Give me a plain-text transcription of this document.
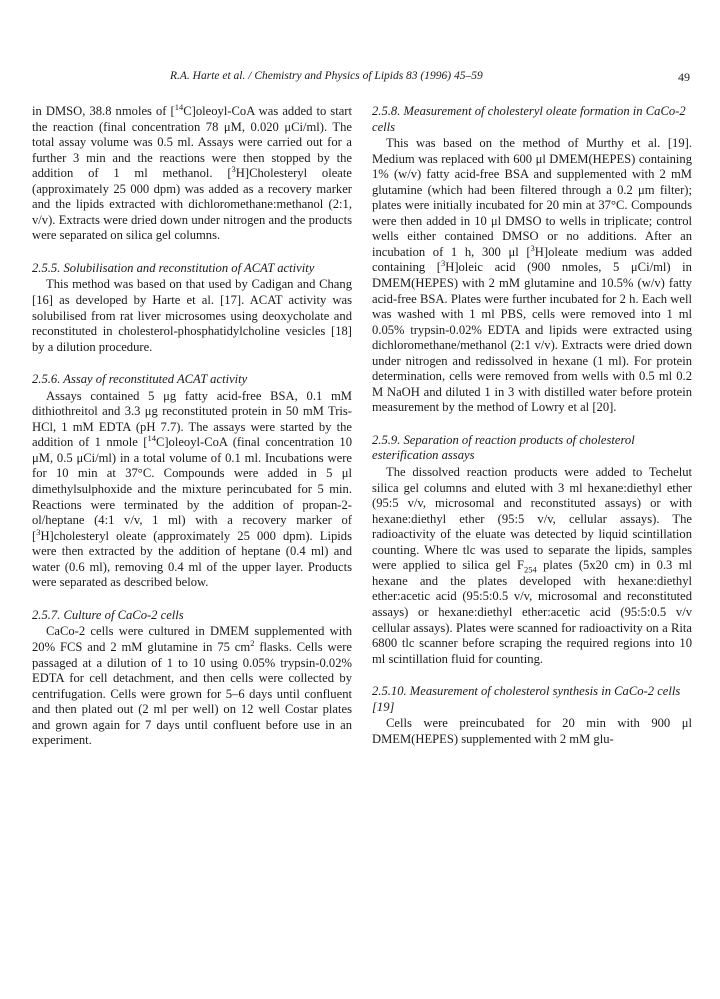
R.A. Harte et al. / Chemistry and Physics of Lipids 83 (1996) 45–59	49

in DMSO, 38.8 nmoles of [$^{14}$C]oleoyl-CoA was added to start the reaction (final concentration 78 μM, 0.020 μCi/ml). The total assay volume was 0.5 ml. Assays were carried out for a further 3 min and the reactions were then stopped by the addition of 1 ml methanol. [$^3$H]Cholesteryl oleate (approximately 25 000 dpm) was added as a recovery marker and the lipids extracted with dichloromethane:methanol (2:1, v/v). Extracts were dried down under nitrogen and the products were separated on silica gel columns.

2.5.5. Solubilisation and reconstitution of ACAT activity

This method was based on that used by Cadigan and Chang [16] as developed by Harte et al. [17]. ACAT activity was solubilised from rat liver microsomes using deoxycholate and reconstituted in cholesterol-phosphatidylcholine vesicles [18] by a dilution procedure.

2.5.6. Assay of reconstituted ACAT activity

Assays contained 5 μg fatty acid-free BSA, 0.1 mM dithiothreitol and 3.3 μg reconstituted protein in 50 mM Tris-HCl, 1 mM EDTA (pH 7.7). The assays were started by the addition of 1 nmole [$^{14}$C]oleoyl-CoA (final concentration 10 μM, 0.5 μCi/ml) in a total volume of 0.1 ml. Incubations were for 10 min at 37°C. Compounds were added in 5 μl dimethylsulphoxide and the mixture perincubated for 5 min. Reactions were terminated by the addition of propan-2-ol/heptane (4:1 v/v, 1 ml) with a recovery marker of [$^3$H]cholesteryl oleate (approximately 25 000 dpm). Lipids were then extracted by the addition of heptane (0.4 ml) and water (0.6 ml), removing 0.4 ml of the upper layer. Products were separated as described below.

2.5.7. Culture of CaCo-2 cells

CaCo-2 cells were cultured in DMEM supplemented with 20% FCS and 2 mM glutamine in 75 $cm^2$ flasks. Cells were passaged at a dilution of 1 to 10 using 0.05% trypsin-0.02% EDTA for cell detachment, and then cells were collected by centrifugation. Cells were grown for 5–6 days until confluent and then plated out (2 ml per well) on 12 well Costar plates and grown again for 7 days until confluent before use in an experiment.

2.5.8. Measurement of cholesteryl oleate formation in CaCo-2 cells

This was based on the method of Murthy et al. [19]. Medium was replaced with 600 μl DMEM(HEPES) containing 1% (w/v) fatty acid-free BSA and supplemented with 2 mM glutamine (which had been filtered through a 0.2 μm filter); plates were initially incubated for 20 min at 37°C. Compounds were then added in 10 μl DMSO to wells in triplicate; control wells either contained DMSO or no additions. After an incubation of 1 h, 300 μl [$^3$H]oleate medium was added containing [$^3$H]oleic acid (900 nmoles, 5 μCi/ml) in DMEM(HEPES) with 2 mM glutamine and 10.5% (w/v) fatty acid-free BSA. Plates were further incubated for 2 h. Each well was washed with 1 ml PBS, cells were removed into 1 ml 0.05% trypsin-0.02% EDTA and lipids were extracted using dichloromethane/methanol (2:1 v/v). Extracts were dried down under nitrogen and redissolved in hexane (1 ml). For protein determination, cells were removed from wells with 0.5 ml 0.2 M NaOH and diluted 1 in 3 with distilled water before protein measurement by the method of Lowry et al [20].

2.5.9. Separation of reaction products of cholesterol esterification assays

The dissolved reaction products were added to Techelut silica gel columns and eluted with 3 ml hexane:diethyl ether (95:5 v/v, microsomal and reconstituted assays) or with hexane:diethyl ether (95:5 v/v, cellular assays). The radioactivity of the eluate was detected by liquid scintillation counting. Where tlc was used to separate the lipids, samples were applied to silica gel $F_{254}$ plates (5x20 cm) in 0.3 ml hexane and the plates developed with hexane:diethyl ether:acetic acid (95:5:0.5 v/v, microsomal and reconstituted assays) or hexane:diethyl ether:acetic acid (95:5:0.5 v/v cellular assays). Plates were scanned for radioactivity on a Rita 6800 tlc scanner before scraping the required regions into 10 ml scintillation fluid for counting.

2.5.10. Measurement of cholesterol synthesis in CaCo-2 cells [19]

Cells were preincubated for 20 min with 900 μl DMEM(HEPES) supplemented with 2 mM glu-
